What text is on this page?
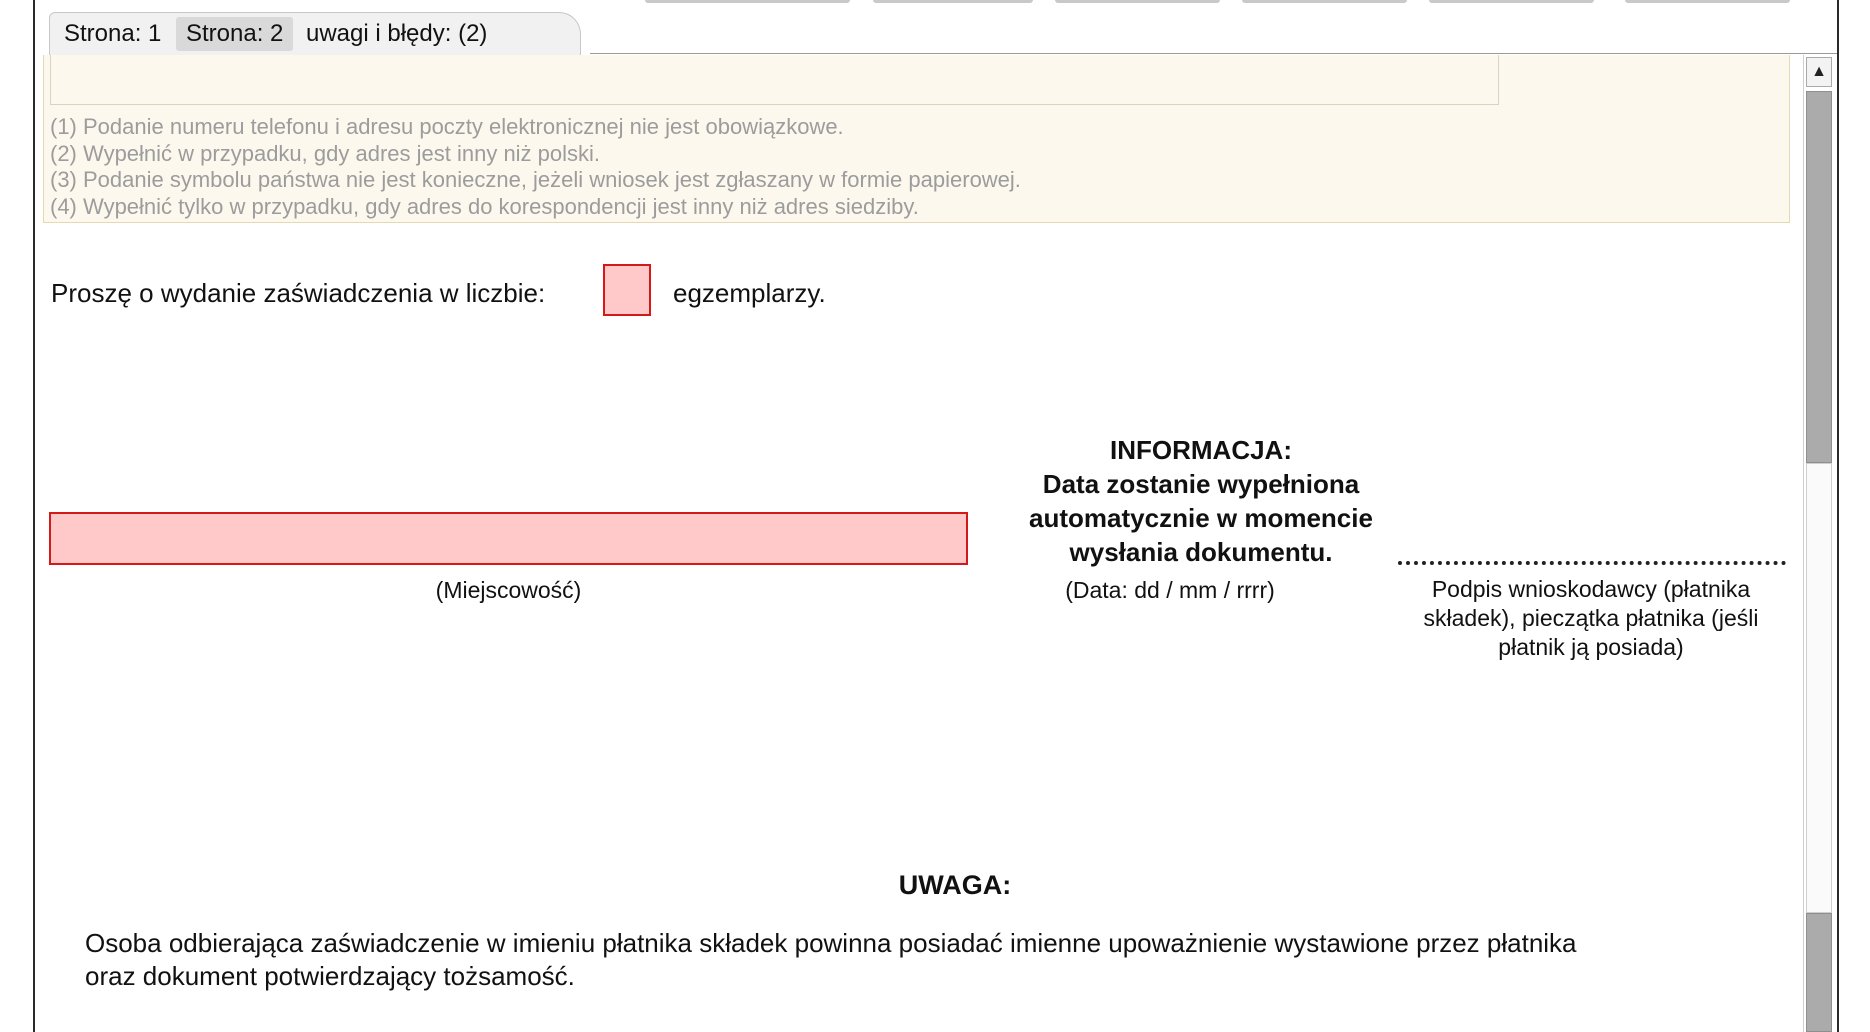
Strona: 1	Strona: 2 uwagi i błędy: (2)
(1) Podanie numeru telefonu i adresu poczty elektronicznej nie jest obowiązkowe.
(2) Wypełnić w przypadku, gdy adres jest inny niż polski.
(3) Podanie symbolu państwa nie jest konieczne, jeżeli wniosek jest zgłaszany w formie papierowej.
(4) Wypełnić tylko w przypadku, gdy adres do korespondencji jest inny niż adres siedziby.
Proszę o wydanie zaświadczenia w liczbie:	egzemplarzy.
(Miejscowość)
INFORMACJA:
Data zostanie wypełniona
automatycznie w momencie
wysłania dokumentu.
(Data: dd / mm / rrrr)	Podpis wnioskodawcy (płatnika
składek), pieczątka płatnika (jeśli
płatnik ją posiada)
UWAGA:
Osoba odbierająca zaświadczenie w imieniu płatnika składek powinna posiadać imienne upoważnienie wystawione przez płatnika
oraz dokument potwierdzający tożsamość.
▲
